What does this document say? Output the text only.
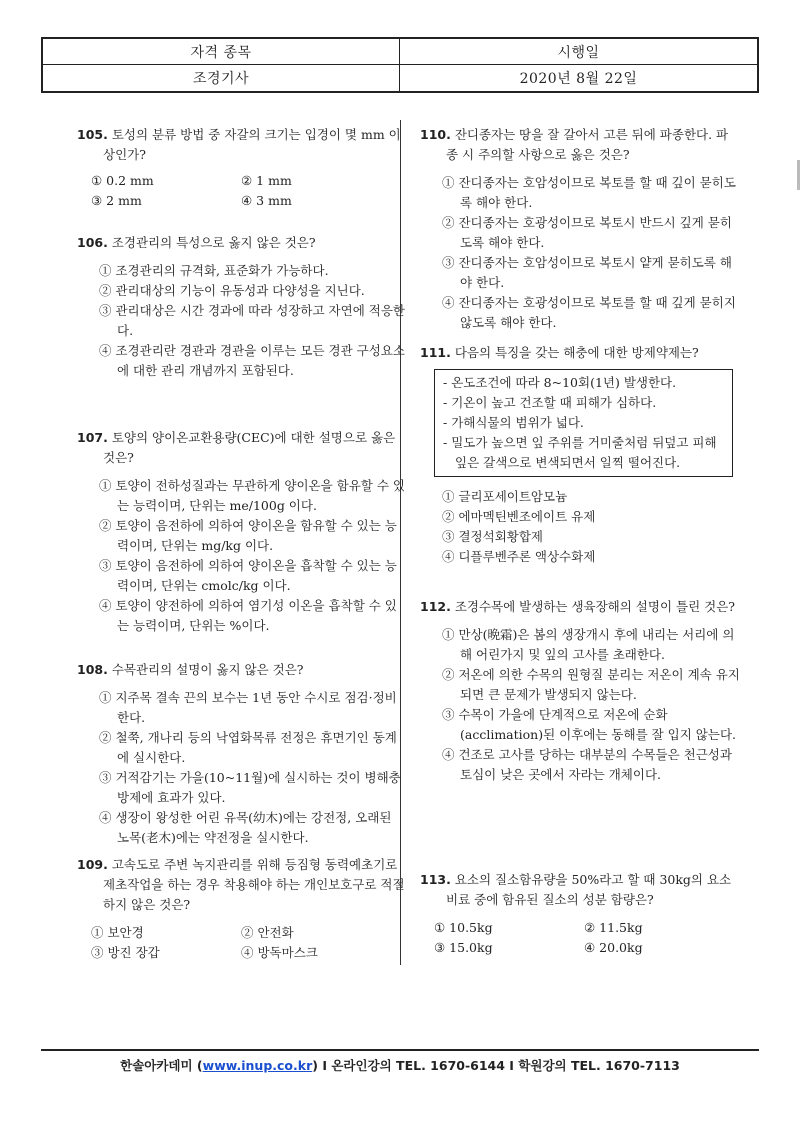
자격 종목	시행일
조경기사	2020년 8월 22일
105. 토성의 분류 방법 중 자갈의 크기는 입경이 몇 mm 이상인가?
① 0.2 mm	② 1 mm
③ 2 mm	④ 3 mm
106. 조경관리의 특성으로 옳지 않은 것은?
① 조경관리의 규격화, 표준화가 가능하다.
② 관리대상의 기능이 유동성과 다양성을 지닌다.
③ 관리대상은 시간 경과에 따라 성장하고 자연에 적응한다.
④ 조경관리란 경관과 경관을 이루는 모든 경관 구성요소에 대한 관리 개념까지 포함된다.
107. 토양의 양이온교환용량(CEC)에 대한 설명으로 옳은 것은?
① 토양이 전하성질과는 무관하게 양이온을 함유할 수 있는 능력이며, 단위는 me/100g 이다.
② 토양이 음전하에 의하여 양이온을 함유할 수 있는 능력이며, 단위는 mg/kg 이다.
③ 토양이 음전하에 의하여 양이온을 흡착할 수 있는 능력이며, 단위는 cmolc/kg 이다.
④ 토양이 양전하에 의하여 염기성 이온을 흡착할 수 있는 능력이며, 단위는 %이다.
108. 수목관리의 설명이 옳지 않은 것은?
① 지주목 결속 끈의 보수는 1년 동안 수시로 점검·정비한다.
② 철쭉, 개나리 등의 낙엽화목류 전정은 휴면기인 동계에 실시한다.
③ 거적감기는 가을(10~11월)에 실시하는 것이 병해충 방제에 효과가 있다.
④ 생장이 왕성한 어린 유목(幼木)에는 강전정, 오래된 노목(老木)에는 약전정을 실시한다.
109. 고속도로 주변 녹지관리를 위해 등짐형 동력예초기로 제초작업을 하는 경우 착용해야 하는 개인보호구로 적절하지 않은 것은?
① 보안경	② 안전화
③ 방진 장갑	④ 방독마스크
110. 잔디종자는 땅을 잘 갈아서 고른 뒤에 파종한다. 파종 시 주의할 사항으로 옳은 것은?
① 잔디종자는 호암성이므로 복토를 할 때 깊이 묻히도록 해야 한다.
② 잔디종자는 호광성이므로 복토시 반드시 깊게 묻히도록 해야 한다.
③ 잔디종자는 호암성이므로 복토시 얕게 묻히도록 해야 한다.
④ 잔디종자는 호광성이므로 복토를 할 때 깊게 묻히지 않도록 해야 한다.
111. 다음의 특징을 갖는 해충에 대한 방제약제는?
- 온도조건에 따라 8~10회(1년) 발생한다.
- 기온이 높고 건조할 때 피해가 심하다.
- 가해식물의 범위가 넓다.
- 밀도가 높으면 잎 주위를 거미줄처럼 뒤덮고 피해 잎은 갈색으로 변색되면서 일찍 떨어진다.
① 글리포세이트암모늄
② 에마멕틴벤조에이트 유제
③ 결정석회황합제
④ 디플루벤주론 액상수화제
112. 조경수목에 발생하는 생육장해의 설명이 틀린 것은?
① 만상(晩霜)은 봄의 생장개시 후에 내리는 서리에 의해 어린가지 및 잎의 고사를 초래한다.
② 저온에 의한 수목의 원형질 분리는 저온이 계속 유지되면 큰 문제가 발생되지 않는다.
③ 수목이 가을에 단계적으로 저온에 순화(acclimation)된 이후에는 동해를 잘 입지 않는다.
④ 건조로 고사를 당하는 대부분의 수목들은 천근성과 토심이 낮은 곳에서 자라는 개체이다.
113. 요소의 질소함유량을 50%라고 할 때 30kg의 요소 비료 중에 함유된 질소의 성분 함량은?
① 10.5kg	② 11.5kg
③ 15.0kg	④ 20.0kg
한솔아카데미 (www.inup.co.kr) I 온라인강의 TEL. 1670-6144 I 학원강의 TEL. 1670-7113
